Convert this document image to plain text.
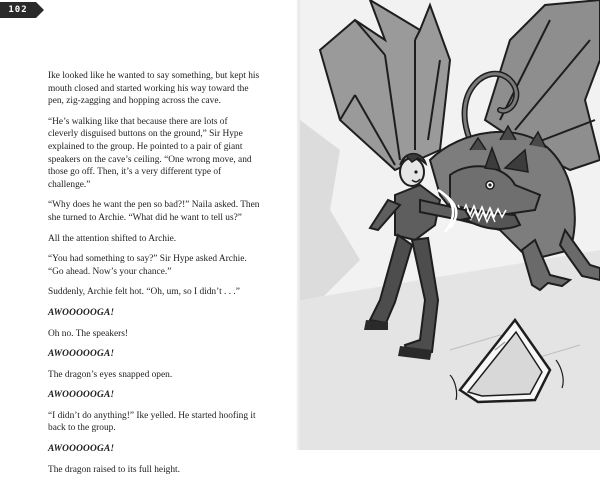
102

Ike looked like he wanted to say something, but kept his mouth closed and started working his way toward the pen, zig-zagging and hopping across the cave.

“He’s walking like that because there are lots of cleverly disguised buttons on the ground,” Sir Hype explained to the group. He pointed to a pair of giant speakers on the cave’s ceiling. “One wrong move, and those go off. Then, it’s a very different type of challenge.”

“Why does he want the pen so bad?!” Naila asked. Then she turned to Archie. “What did he want to tell us?”

All the attention shifted to Archie.

“You had something to say?” Sir Hype asked Archie. “Go ahead. Now’s your chance.”

Suddenly, Archie felt hot. “Oh, um, so I didn’t . . .”

AWOOOOOGA!

Oh no. The speakers!

AWOOOOOGA!

The dragon’s eyes snapped open.

AWOOOOOGA!

“I didn’t do anything!” Ike yelled. He started hoofing it back to the group.

AWOOOOOGA!

The dragon raised to its full height.
